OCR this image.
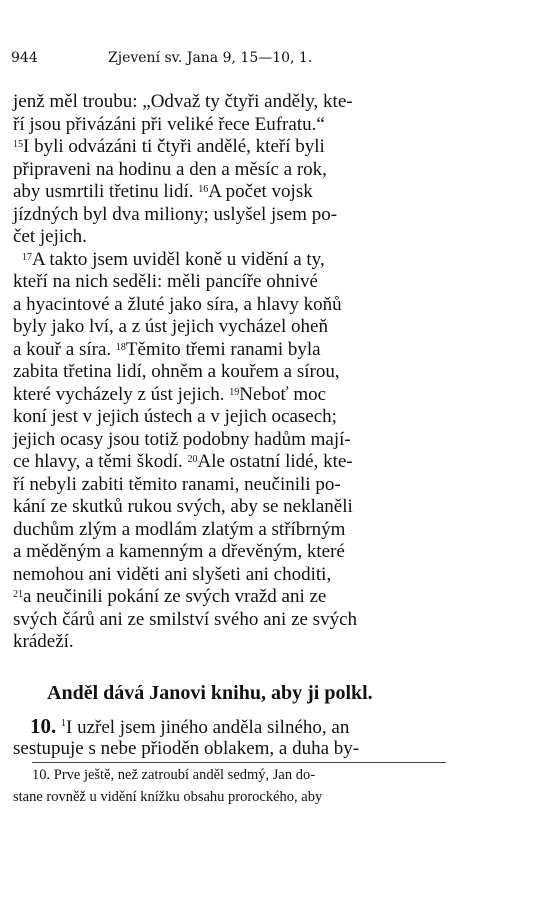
944	Zjevení sv. Jana 9, 15—10, 1.
jenž měl troubu: „Odvaž ty čtyři anděly, kte-
ří jsou přivázáni při veliké řece Eufratu.“
$^{15}$I byli odvázáni ti čtyři andělé, kteří byli
připraveni na hodinu a den a měsíc a rok,
aby usmrtili třetinu lidí. $^{16}$A počet vojsk
jízdných byl dva miliony; uslyšel jsem po-
čet jejich.
$^{17}$A takto jsem uviděl koně u vidění a ty,
kteří na nich seděli: měli pancíře ohnivé
a hyacintové a žluté jako síra, a hlavy koňů
byly jako lví, a z úst jejich vycházel oheň
a kouř a síra. $^{18}$Těmito třemi ranami byla
zabita třetina lidí, ohněm a kouřem a sírou,
které vycházely z úst jejich. $^{19}$Neboť moc
koní jest v jejich ústech a v jejich ocasech;
jejich ocasy jsou totiž podobny hadům mají-
ce hlavy, a těmi škodí. $^{20}$Ale ostatní lidé, kte-
ří nebyli zabiti těmito ranami, neučinili po-
kání ze skutků rukou svých, aby se neklaněli
duchům zlým a modlám zlatým a stříbrným
a měděným a kamenným a dřevěným, které
nemohou ani viděti ani slyšeti ani choditi,
$^{21}$a neučinili pokání ze svých vražd ani ze
svých čárů ani ze smilství svého ani ze svých
krádeží.
Anděl dává Janovi knihu, aby ji polkl.
10. $^1$I uzřel jsem jiného anděla silného, an
sestupuje s nebe přioděn oblakem, a duha by-
10. Prve ještě, než zatroubí anděl sedmý, Jan do-
stane rovněž u vidění knížku obsahu prorockého, aby
